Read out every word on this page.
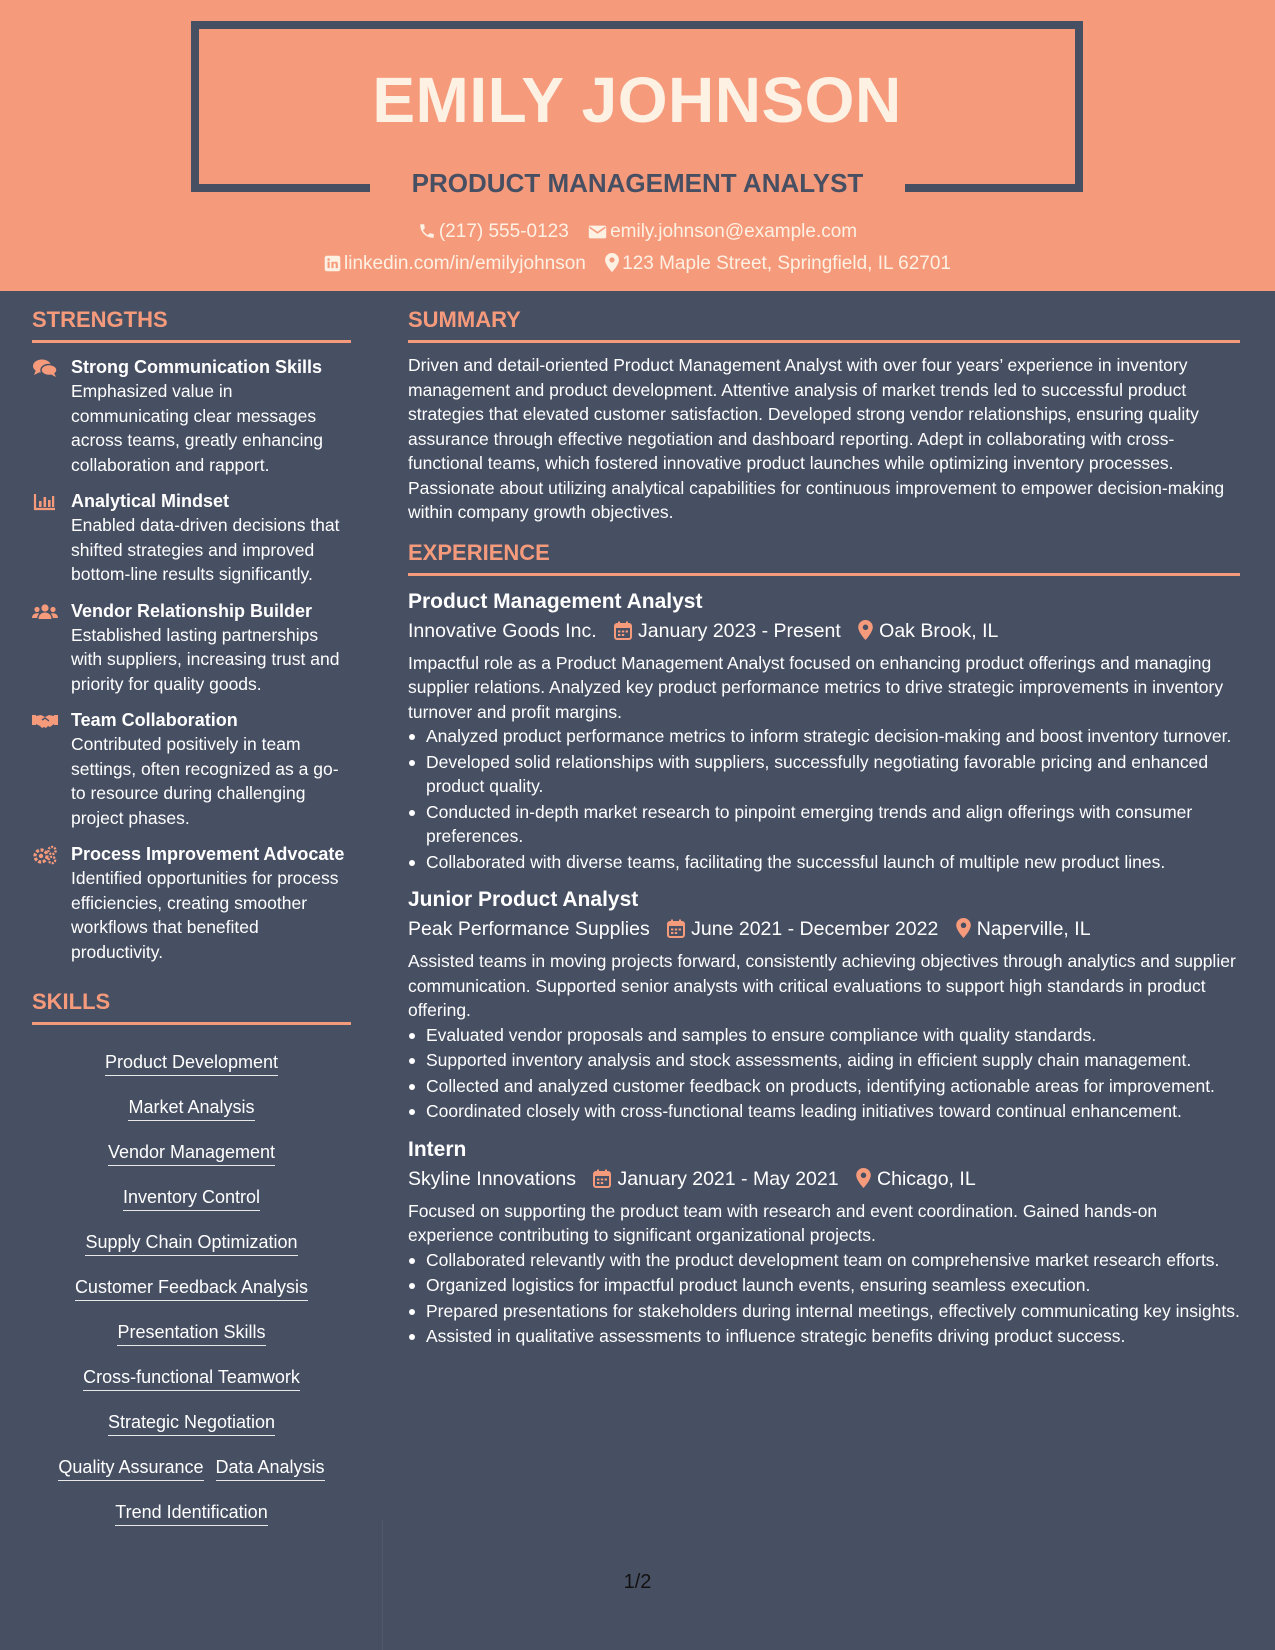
EMILY JOHNSON
PRODUCT MANAGEMENT ANALYST
(217) 555-0123 emily.johnson@example.com
linkedin.com/in/emilyjohnson 123 Maple Street, Springfield, IL 62701
STRENGTHS
Strong Communication Skills
Emphasized value in communicating clear messages across teams, greatly enhancing collaboration and rapport.
Analytical Mindset
Enabled data-driven decisions that shifted strategies and improved bottom-line results significantly.
Vendor Relationship Builder
Established lasting partnerships with suppliers, increasing trust and priority for quality goods.
Team Collaboration
Contributed positively in team settings, often recognized as a go-to resource during challenging project phases.
Process Improvement Advocate
Identified opportunities for process efficiencies, creating smoother workflows that benefited productivity.
SKILLS
Product Development
Market Analysis
Vendor Management
Inventory Control
Supply Chain Optimization
Customer Feedback Analysis
Presentation Skills
Cross-functional Teamwork
Strategic Negotiation
Quality Assurance Data Analysis
Trend Identification
SUMMARY
Driven and detail-oriented Product Management Analyst with over four years’ experience in inventory management and product development. Attentive analysis of market trends led to successful product strategies that elevated customer satisfaction. Developed strong vendor relationships, ensuring quality assurance through effective negotiation and dashboard reporting. Adept in collaborating with cross-functional teams, which fostered innovative product launches while optimizing inventory processes. Passionate about utilizing analytical capabilities for continuous improvement to empower decision-making within company growth objectives.
EXPERIENCE
Product Management Analyst
Innovative Goods Inc. January 2023 - Present Oak Brook, IL
Impactful role as a Product Management Analyst focused on enhancing product offerings and managing supplier relations. Analyzed key product performance metrics to drive strategic improvements in inventory turnover and profit margins.
Analyzed product performance metrics to inform strategic decision-making and boost inventory turnover.
Developed solid relationships with suppliers, successfully negotiating favorable pricing and enhanced product quality.
Conducted in-depth market research to pinpoint emerging trends and align offerings with consumer preferences.
Collaborated with diverse teams, facilitating the successful launch of multiple new product lines.
Junior Product Analyst
Peak Performance Supplies June 2021 - December 2022 Naperville, IL
Assisted teams in moving projects forward, consistently achieving objectives through analytics and supplier communication. Supported senior analysts with critical evaluations to support high standards in product offering.
Evaluated vendor proposals and samples to ensure compliance with quality standards.
Supported inventory analysis and stock assessments, aiding in efficient supply chain management.
Collected and analyzed customer feedback on products, identifying actionable areas for improvement.
Coordinated closely with cross-functional teams leading initiatives toward continual enhancement.
Intern
Skyline Innovations January 2021 - May 2021 Chicago, IL
Focused on supporting the product team with research and event coordination. Gained hands-on experience contributing to significant organizational projects.
Collaborated relevantly with the product development team on comprehensive market research efforts.
Organized logistics for impactful product launch events, ensuring seamless execution.
Prepared presentations for stakeholders during internal meetings, effectively communicating key insights.
Assisted in qualitative assessments to influence strategic benefits driving product success.
1/2
